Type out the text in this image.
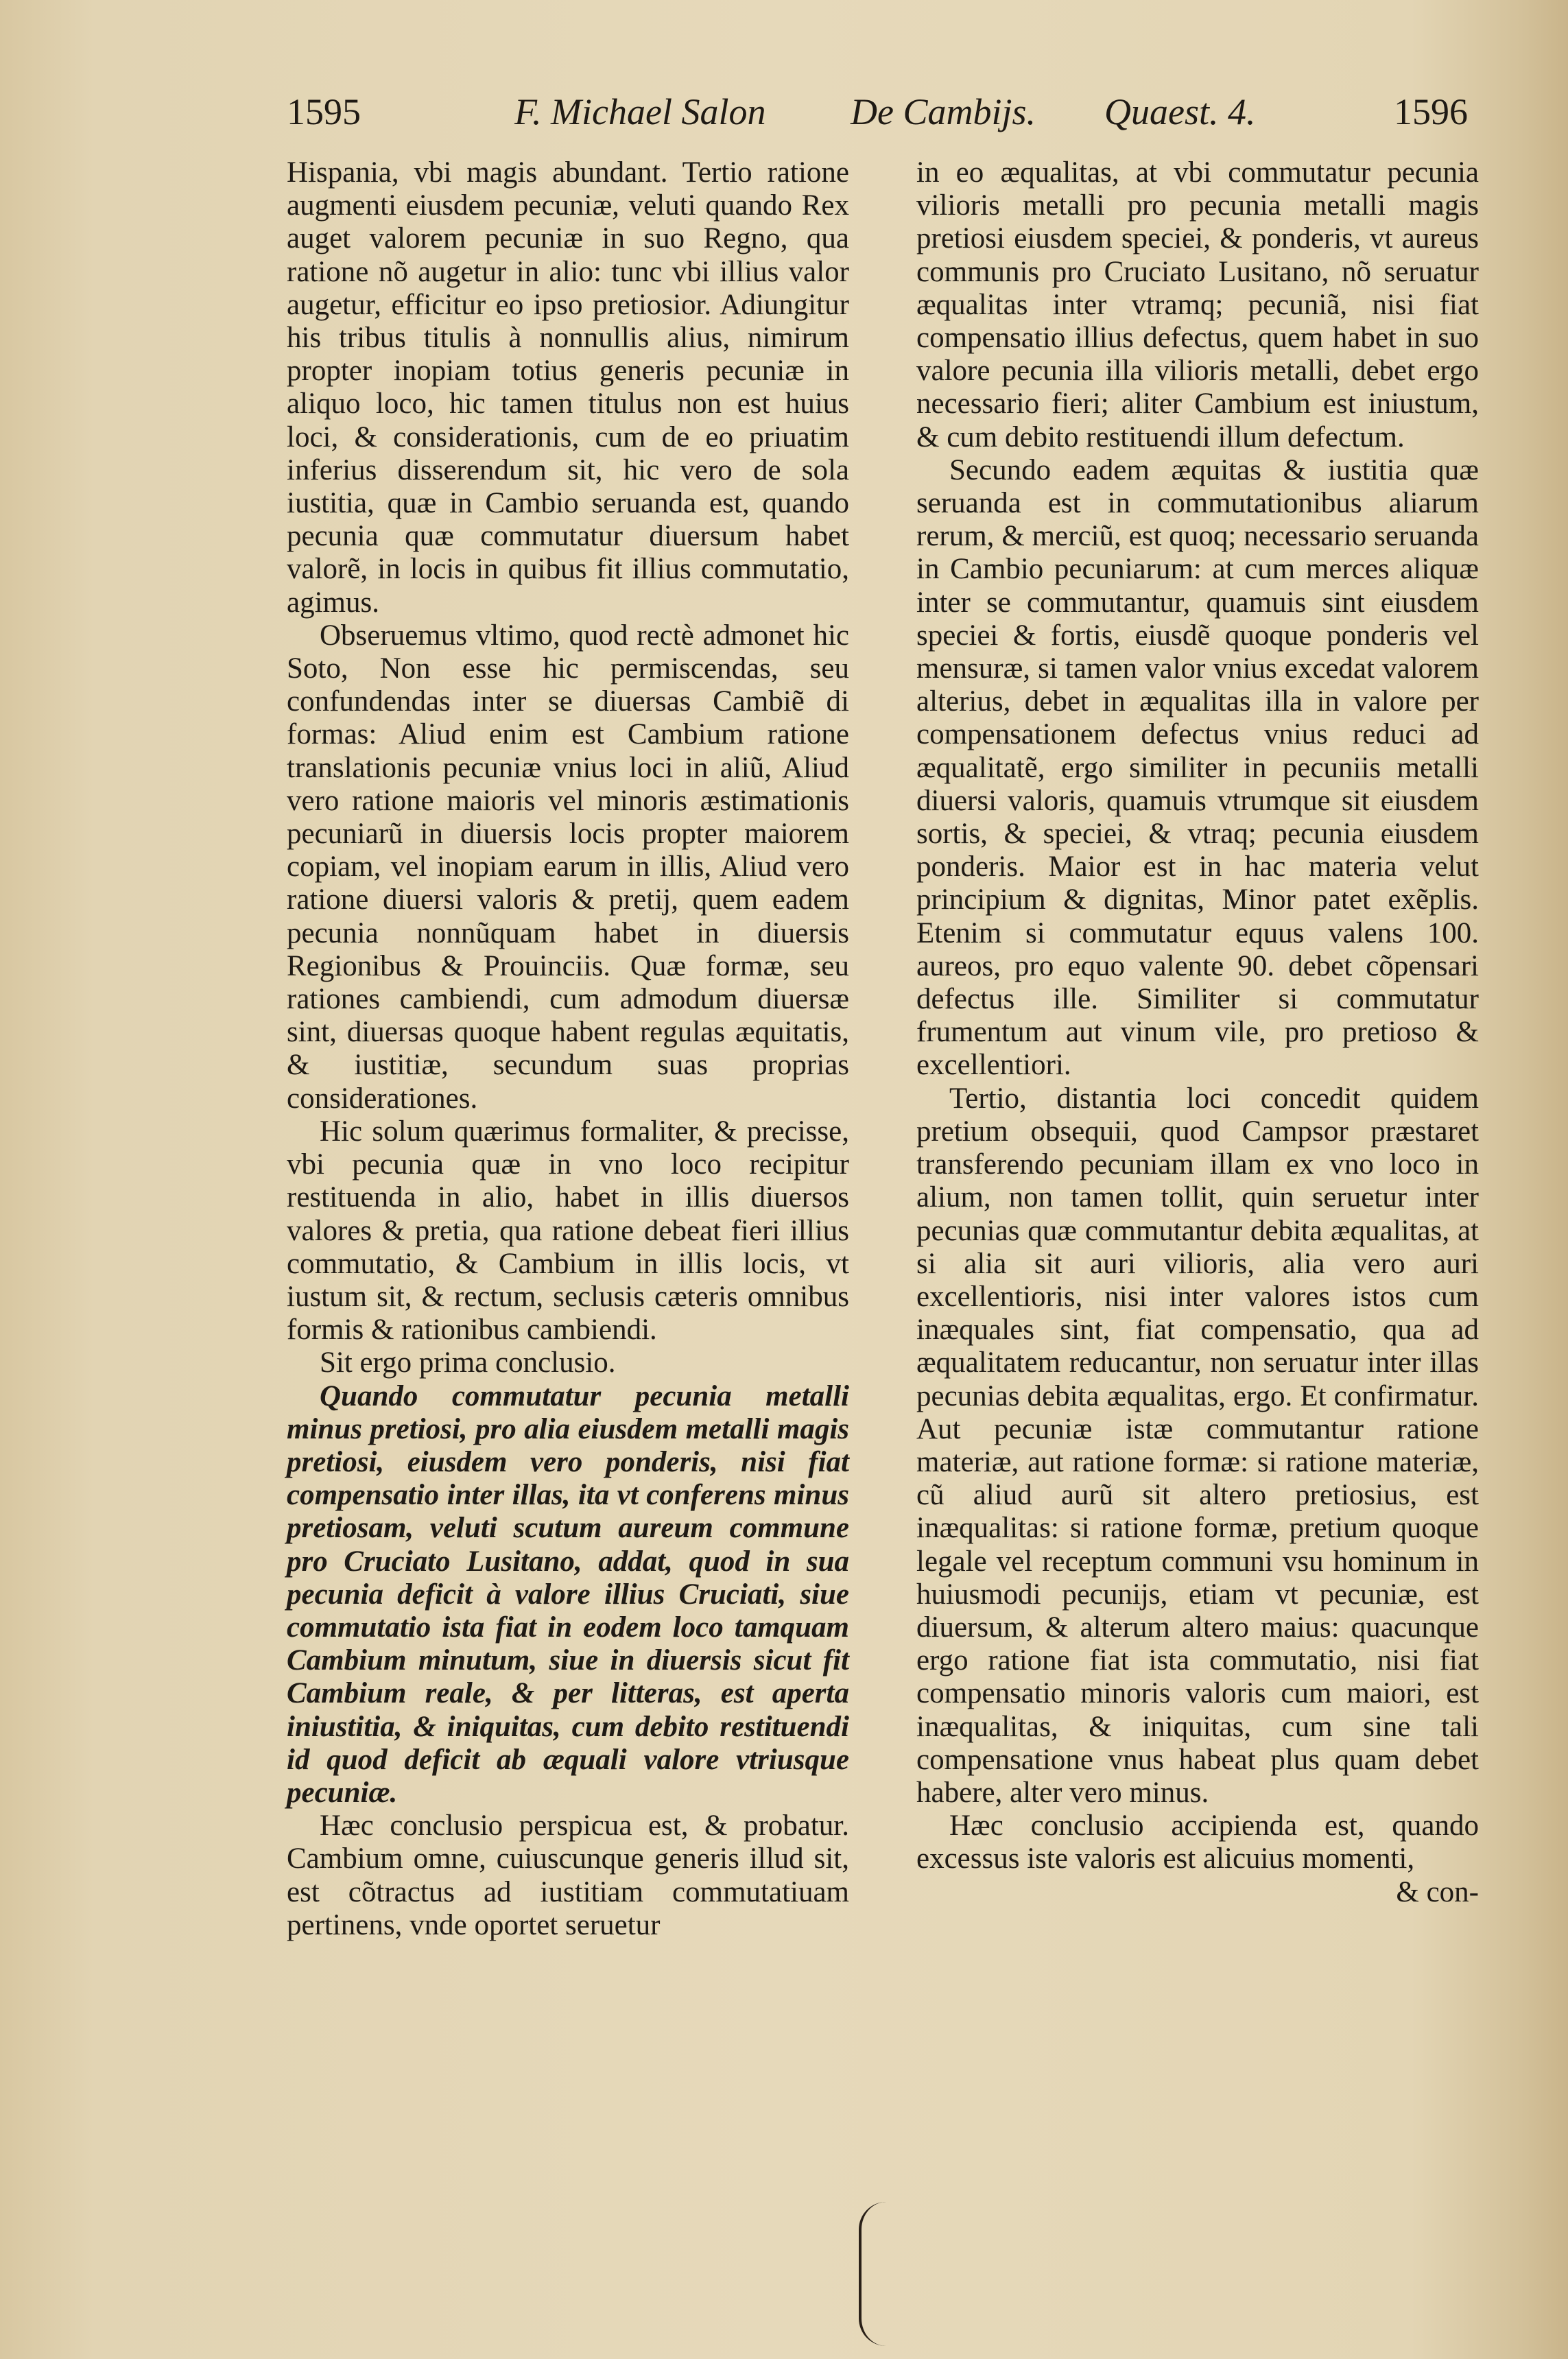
1595	F. Michael Salon De Cambijs. Quaest. 4.	1596

Hispania, vbi magis abundant. Tertio ratione augmenti eiusdem pecuniæ, veluti quando Rex auget valorem pecuniæ in suo Regno, qua ratione nõ augetur in alio: tunc vbi illius valor augetur, efficitur eo ipso pretiosior. Adiungitur his tribus titulis à nonnullis alius, nimirum propter inopiam totius generis pecuniæ in aliquo loco, hic tamen titulus non est huius loci, & considerationis, cum de eo priuatim inferius disserendum sit, hic vero de sola iustitia, quæ in Cambio seruanda est, quando pecunia quæ commutatur diuersum habet valorẽ, in locis in quibus fit illius commutatio, agimus.

Obseruemus vltimo, quod rectè admonet hic Soto, Non esse hic permiscendas, seu confundendas inter se diuersas Cambiẽ di formas: Aliud enim est Cambium ratione translationis pecuniæ vnius loci in aliũ, Aliud vero ratione maioris vel minoris æstimationis pecuniarũ in diuersis locis propter maiorem copiam, vel inopiam earum in illis, Aliud vero ratione diuersi valoris & pretij, quem eadem pecunia nonnũquam habet in diuersis Regionibus & Prouinciis. Quæ formæ, seu rationes cambiendi, cum admodum diuersæ sint, diuersas quoque habent regulas æquitatis, & iustitiæ, secundum suas proprias considerationes.

Hic solum quærimus formaliter, & precisse, vbi pecunia quæ in vno loco recipitur restituenda in alio, habet in illis diuersos valores & pretia, qua ratione debeat fieri illius commutatio, & Cambium in illis locis, vt iustum sit, & rectum, seclusis cæteris omnibus formis & rationibus cambiendi.

Sit ergo prima conclusio.

Quando commutatur pecunia metalli minus pretiosi, pro alia eiusdem metalli magis pretiosi, eiusdem vero ponderis, nisi fiat compensatio inter illas, ita vt conferens minus pretiosam, veluti scutum aureum commune pro Cruciato Lusitano, addat, quod in sua pecunia deficit à valore illius Cruciati, siue commutatio ista fiat in eodem loco tamquam Cambium minutum, siue in diuersis sicut fit Cambium reale, & per litteras, est aperta iniustitia, & iniquitas, cum debito restituendi id quod deficit ab æquali valore vtriusque pecuniæ.

Hæc conclusio perspicua est, & probatur. Cambium omne, cuiuscunque generis illud sit, est cõtractus ad iustitiam commutatiuam pertinens, vnde oportet seruetur

in eo æqualitas, at vbi commutatur pecunia vilioris metalli pro pecunia metalli magis pretiosi eiusdem speciei, & ponderis, vt aureus communis pro Cruciato Lusitano, nõ seruatur æqualitas inter vtramq; pecuniã, nisi fiat compensatio illius defectus, quem habet in suo valore pecunia illa vilioris metalli, debet ergo necessario fieri; aliter Cambium est iniustum, & cum debito restituendi illum defectum.

Secundo eadem æquitas & iustitia quæ seruanda est in commutationibus aliarum rerum, & merciũ, est quoq; necessario seruanda in Cambio pecuniarum: at cum merces aliquæ inter se commutantur, quamuis sint eiusdem speciei & fortis, eiusdẽ quoque ponderis vel mensuræ, si tamen valor vnius excedat valorem alterius, debet in æqualitas illa in valore per compensationem defectus vnius reduci ad æqualitatẽ, ergo similiter in pecuniis metalli diuersi valoris, quamuis vtrumque sit eiusdem sortis, & speciei, & vtraq; pecunia eiusdem ponderis. Maior est in hac materia velut principium & dignitas, Minor patet exẽplis. Etenim si commutatur equus valens 100. aureos, pro equo valente 90. debet cõpensari defectus ille. Similiter si commutatur frumentum aut vinum vile, pro pretioso & excellentiori.

Tertio, distantia loci concedit quidem pretium obsequii, quod Campsor præstaret transferendo pecuniam illam ex vno loco in alium, non tamen tollit, quin seruetur inter pecunias quæ commutantur debita æqualitas, at si alia sit auri vilioris, alia vero auri excellentioris, nisi inter valores istos cum inæquales sint, fiat compensatio, qua ad æqualitatem reducantur, non seruatur inter illas pecunias debita æqualitas, ergo. Et confirmatur. Aut pecuniæ istæ commutantur ratione materiæ, aut ratione formæ: si ratione materiæ, cũ aliud aurũ sit altero pretiosius, est inæqualitas: si ratione formæ, pretium quoque legale vel receptum communi vsu hominum in huiusmodi pecunijs, etiam vt pecuniæ, est diuersum, & alterum altero maius: quacunque ergo ratione fiat ista commutatio, nisi fiat compensatio minoris valoris cum maiori, est inæqualitas, & iniquitas, cum sine tali compensatione vnus habeat plus quam debet habere, alter vero minus.

Hæc conclusio accipienda est, quando excessus iste valoris est alicuius momenti,

& con-
